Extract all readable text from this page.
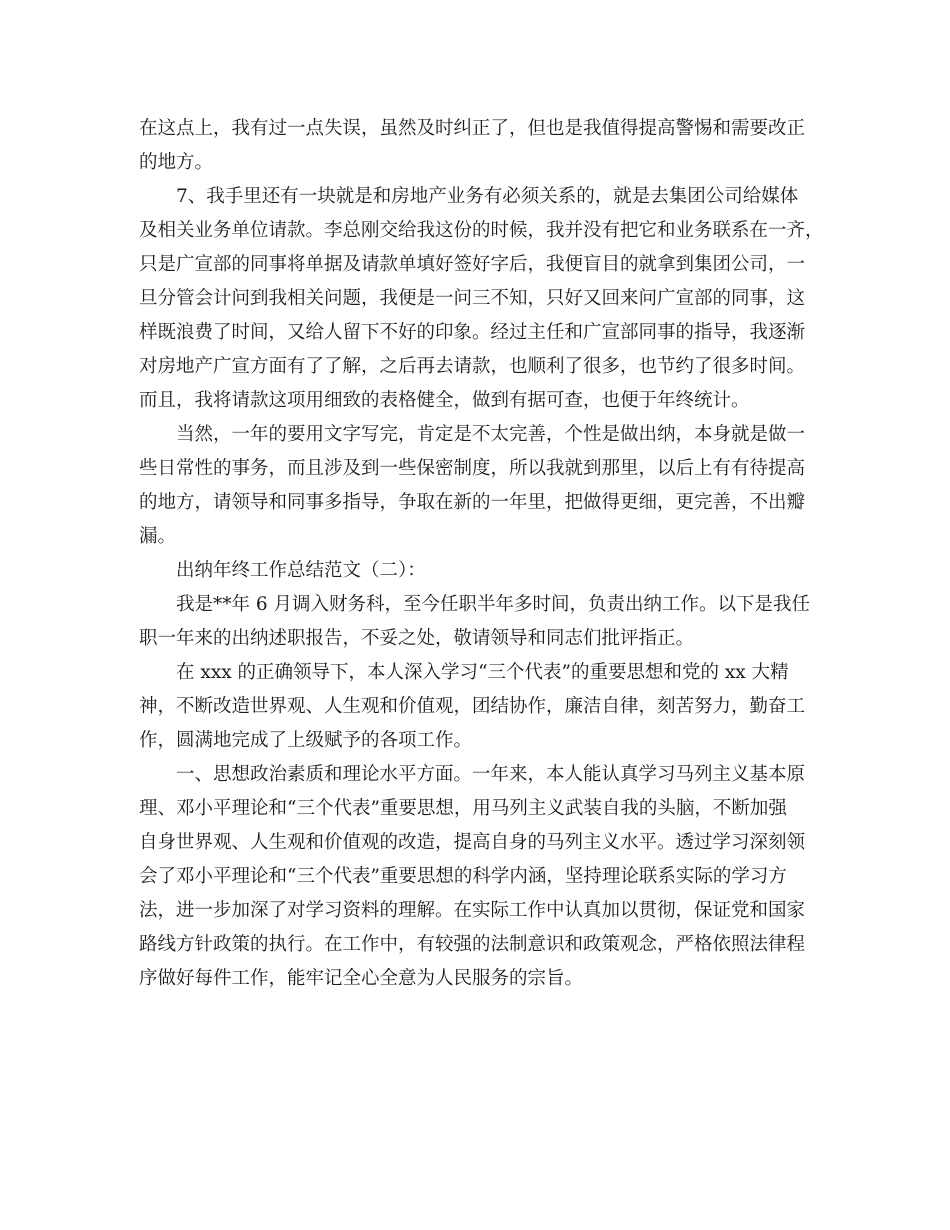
在这点上，我有过一点失误，虽然及时纠正了，但也是我值得提高警惕和需要改正
的地方。
7、我手里还有一块就是和房地产业务有必须关系的，就是去集团公司给媒体
及相关业务单位请款。李总刚交给我这份的时候，我并没有把它和业务联系在一齐，
只是广宣部的同事将单据及请款单填好签好字后，我便盲目的就拿到集团公司，一
旦分管会计问到我相关问题，我便是一问三不知，只好又回来问广宣部的同事，这
样既浪费了时间，又给人留下不好的印象。经过主任和广宣部同事的指导，我逐渐
对房地产广宣方面有了了解，之后再去请款，也顺利了很多，也节约了很多时间。
而且，我将请款这项用细致的表格健全，做到有据可查，也便于年终统计。
当然，一年的要用文字写完，肯定是不太完善，个性是做出纳，本身就是做一
些日常性的事务，而且涉及到一些保密制度，所以我就到那里，以后上有有待提高
的地方，请领导和同事多指导，争取在新的一年里，把做得更细，更完善，不出瓣
漏。
出纳年终工作总结范文（二）：
我是**年 6 月调入财务科，至今任职半年多时间，负责出纳工作。以下是我任
职一年来的出纳述职报告，不妥之处，敬请领导和同志们批评指正。
在 xxx 的正确领导下，本人深入学习“三个代表”的重要思想和党的 xx 大精
神，不断改造世界观、人生观和价值观，团结协作，廉洁自律，刻苦努力，勤奋工
作，圆满地完成了上级赋予的各项工作。
一、思想政治素质和理论水平方面。一年来，本人能认真学习马列主义基本原
理、邓小平理论和“三个代表”重要思想，用马列主义武装自我的头脑，不断加强
自身世界观、人生观和价值观的改造，提高自身的马列主义水平。透过学习深刻领
会了邓小平理论和“三个代表”重要思想的科学内涵，坚持理论联系实际的学习方
法，进一步加深了对学习资料的理解。在实际工作中认真加以贯彻，保证党和国家
路线方针政策的执行。在工作中，有较强的法制意识和政策观念，严格依照法律程
序做好每件工作，能牢记全心全意为人民服务的宗旨。
